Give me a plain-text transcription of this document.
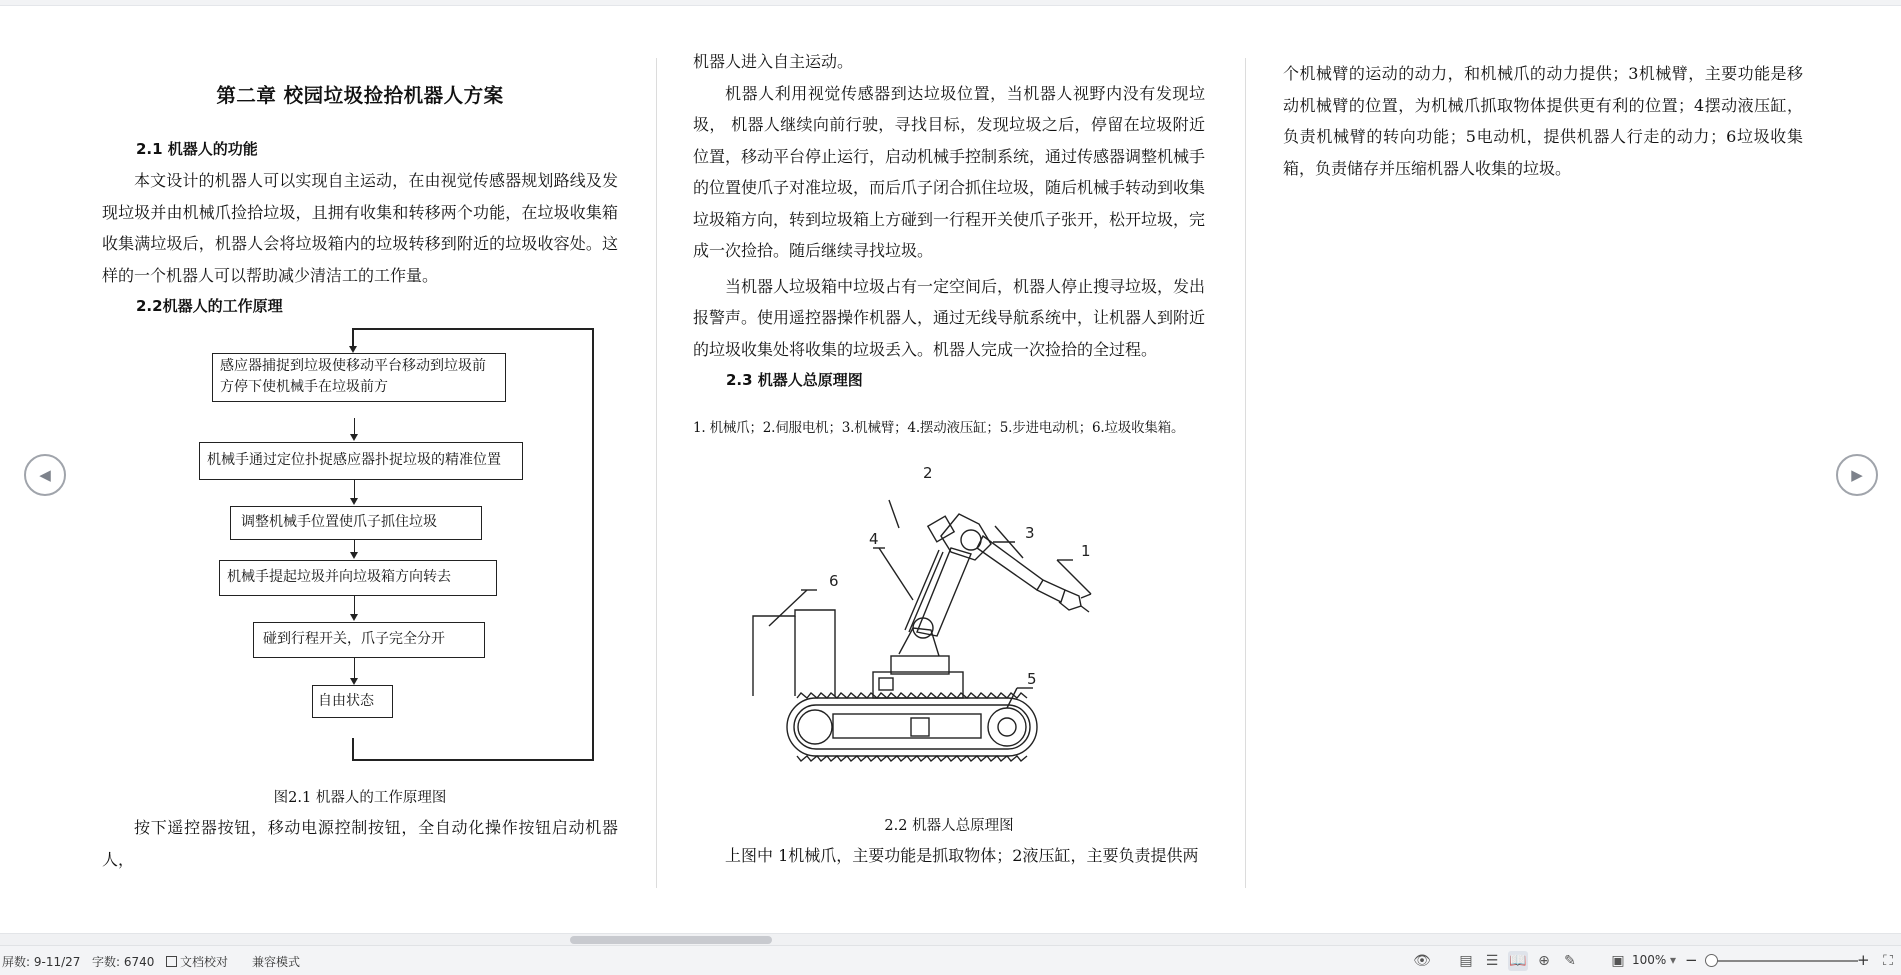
第二章 校园垃圾捡拾机器人方案
2.1 机器人的功能
本文设计的机器人可以实现自主运动，在由视觉传感器规划路线及发现垃圾并由机械爪捡拾垃圾，且拥有收集和转移两个功能，在垃圾收集箱收集满垃圾后，机器人会将垃圾箱内的垃圾转移到附近的垃圾收容处。这样的一个机器人可以帮助减少清洁工的工作量。
2.2机器人的工作原理
感应器捕捉到垃圾使移动平台移动到垃圾前方停下使机械手在垃圾前方
机械手通过定位扑捉感应器扑捉垃圾的精准位置
调整机械手位置使爪子抓住垃圾
机械手提起垃圾并向垃圾箱方向转去
碰到行程开关，爪子完全分开
自由状态
图2.1 机器人的工作原理图
按下遥控器按钮，移动电源控制按钮，全自动化操作按钮启动机器人，
机器人进入自主运动。
机器人利用视觉传感器到达垃圾位置，当机器人视野内没有发现垃圾， 机器人继续向前行驶，寻找目标，发现垃圾之后，停留在垃圾附近位置，移动平台停止运行，启动机械手控制系统，通过传感器调整机械手的位置使爪子对准垃圾，而后爪子闭合抓住垃圾，随后机械手转动到收集垃圾箱方向，转到垃圾箱上方碰到一行程开关使爪子张开，松开垃圾，完成一次捡拾。随后继续寻找垃圾。
当机器人垃圾箱中垃圾占有一定空间后，机器人停止搜寻垃圾，发出报警声。使用遥控器操作机器人，通过无线导航系统中，让机器人到附近的垃圾收集处将收集的垃圾丢入。机器人完成一次捡拾的全过程。
2.3 机器人总原理图
1. 机械爪；2.伺服电机；3.机械臂；4.摆动液压缸；5.步进电动机；6.垃圾收集箱。
1
2
3
4
5
6
2.2 机器人总原理图
上图中 1机械爪，主要功能是抓取物体；2液压缸，主要负责提供两
个机械臂的运动的动力，和机械爪的动力提供；3机械臂，主要功能是移动机械臂的位置，为机械爪抓取物体提供更有利的位置；4摆动液压缸，负责机械臂的转向功能；5电动机，提供机器人行走的动力；6垃圾收集箱，负责储存并压缩机器人收集的垃圾。
◀	▶
屏数: 9-11/27 字数: 6740	文档校对 兼容模式	👁 ▤ ☰ 📖 ⊕ ✎	▣ 100% ▾ −	+ ⛶
